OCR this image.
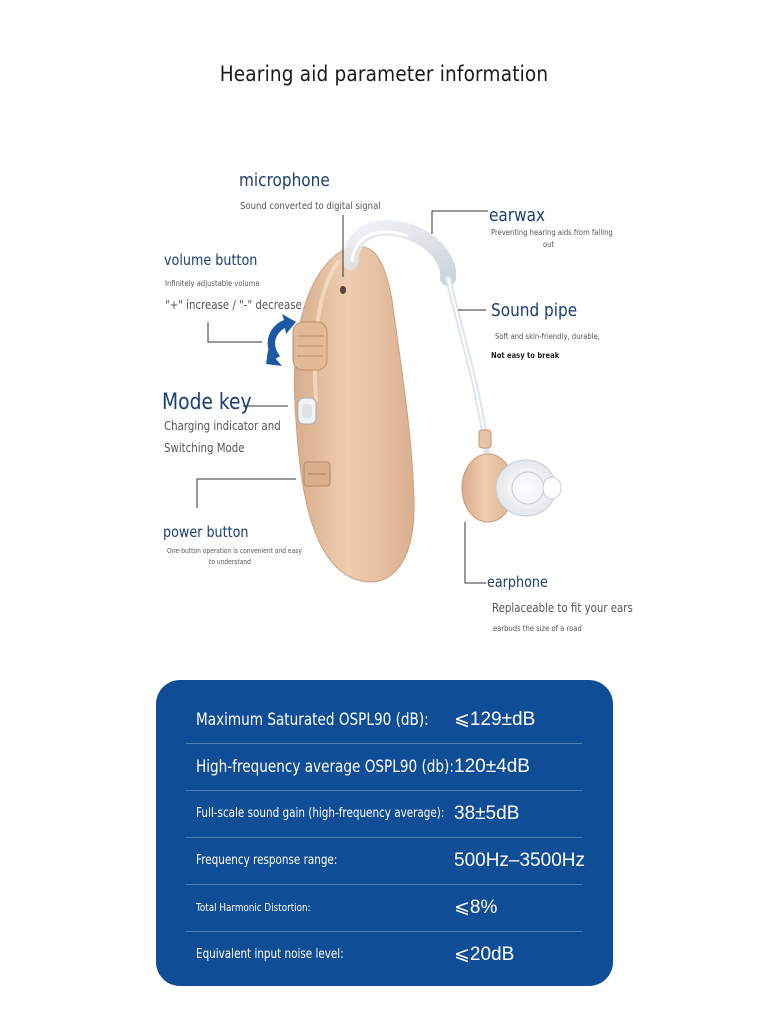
Hearing aid parameter information
microphone
Sound converted to digital signal	earwax
Preventing hearing aids from falling
out
volume button
Infinitely adjustable volume
"+" increase / "-" decrease	Sound pipe
Soft and skin-friendly, durable,
Not easy to break
Mode key
Charging indicator and
Switching Mode
power button
One-button operation is convenient and easy
to understand
earphone
Replaceable to fit your ears
earbuds the size of a road
Maximum Saturated OSPL90 (dB): ⩽129±dB
High-frequency average OSPL90 (db): 120±4dB
Full-scale sound gain (high-frequency average): 38±5dB
Frequency response range:	500Hz–3500Hz
Total Harmonic Distortion:	⩽8%
Equivalent input noise level:	⩽20dB
